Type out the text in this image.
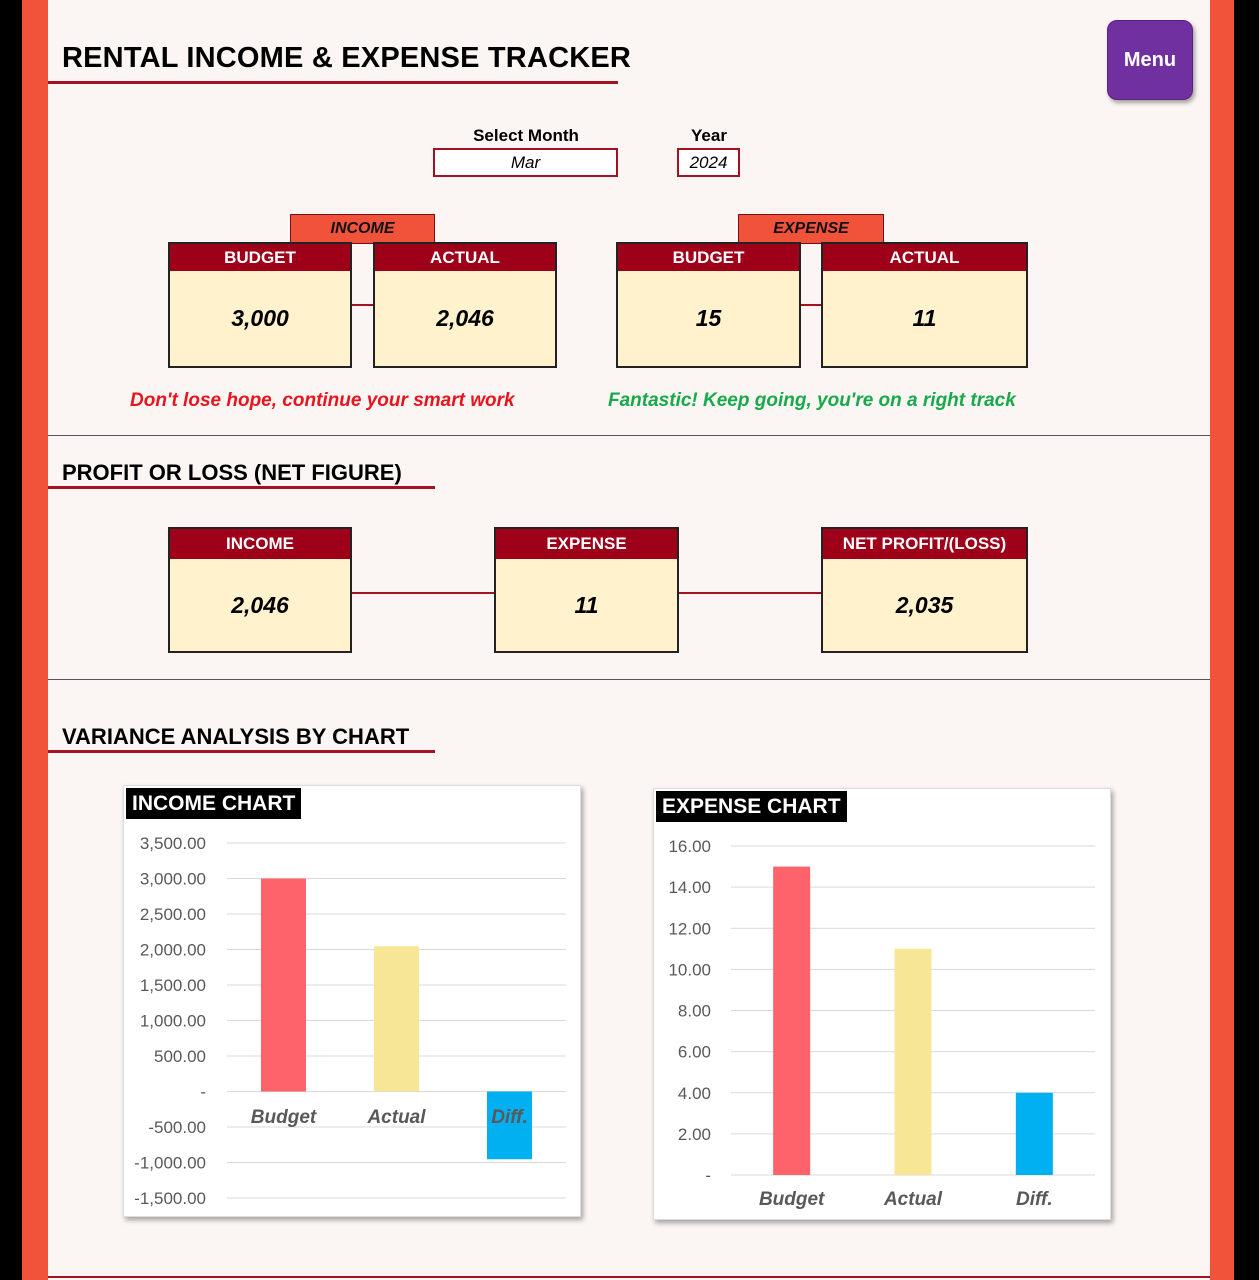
RENTAL INCOME & EXPENSE TRACKER	Menu
Select Month
Mar
Year
2024
INCOME
BUDGET
3,000
ACTUAL
2,046
Don't lose hope, continue your smart work
EXPENSE
BUDGET
15
ACTUAL
11
Fantastic! Keep going, you're on a right track
PROFIT OR LOSS (NET FIGURE)
INCOME
2,046
EXPENSE
11
NET PROFIT/(LOSS)
2,035
VARIANCE ANALYSIS BY CHART
INCOME CHART
3,500.00
3,000.00
2,500.00
2,000.00
1,500.00
1,000.00
500.00
-
-500.00
-1,000.00
-1,500.00
Budget	Actual	Diff.
EXPENSE CHART
16.00
14.00
12.00
10.00
8.00
6.00
4.00
2.00
-
Budget	Actual	Diff.
